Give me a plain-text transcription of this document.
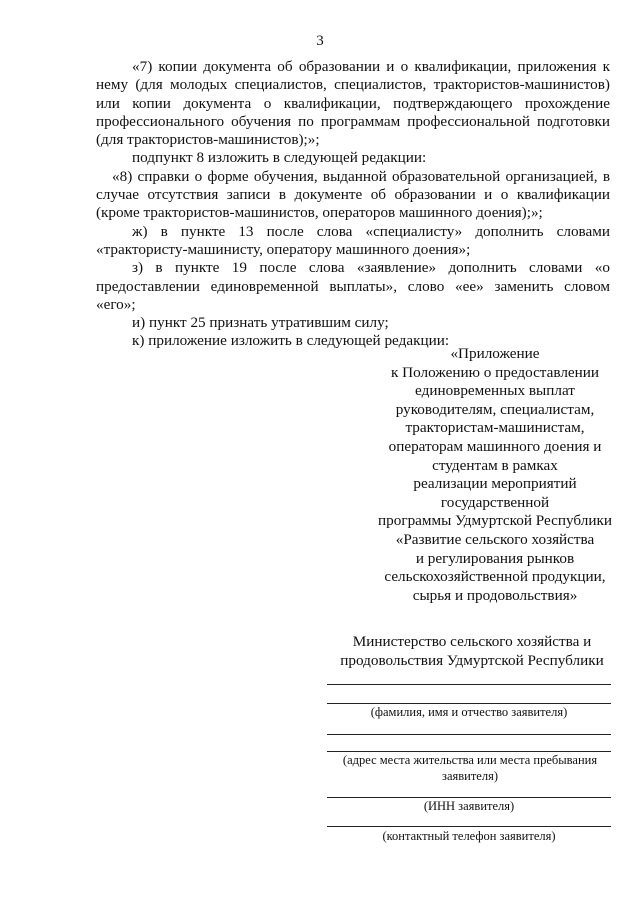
3

«7) копии документа об образовании и о квалификации, приложения к нему (для молодых специалистов, специалистов, трактористов-машинистов) или копии документа о квалификации, подтверждающего прохождение профессионального обучения по программам профессиональной подготовки (для трактористов-машинистов);»;

подпункт 8 изложить в следующей редакции:

«8) справки о форме обучения, выданной образовательной организацией, в случае отсутствия записи в документе об образовании и о квалификации (кроме трактористов-машинистов, операторов машинного доения);»;

ж) в пункте 13 после слова «специалисту» дополнить словами «трактористу-машинисту, оператору машинного доения»;

з) в пункте 19 после слова «заявление» дополнить словами «о предоставлении единовременной выплаты», слово «ее» заменить словом «его»;

и) пункт 25 признать утратившим силу;

к) приложение изложить в следующей редакции:

«Приложение
к Положению о предоставлении
единовременных выплат
руководителям, специалистам,
трактористам-машинистам,
операторам машинного доения и
студентам в рамках
реализации мероприятий
государственной
программы Удмуртской Республики
«Развитие сельского хозяйства
и регулирования рынков
сельскохозяйственной продукции,
сырья и продовольствия»
Министерство сельского хозяйства и
продовольствия Удмуртской Республики
(фамилия, имя и отчество заявителя)
(адрес места жительства или места пребывания
заявителя)
(ИНН заявителя)
(контактный телефон заявителя)
